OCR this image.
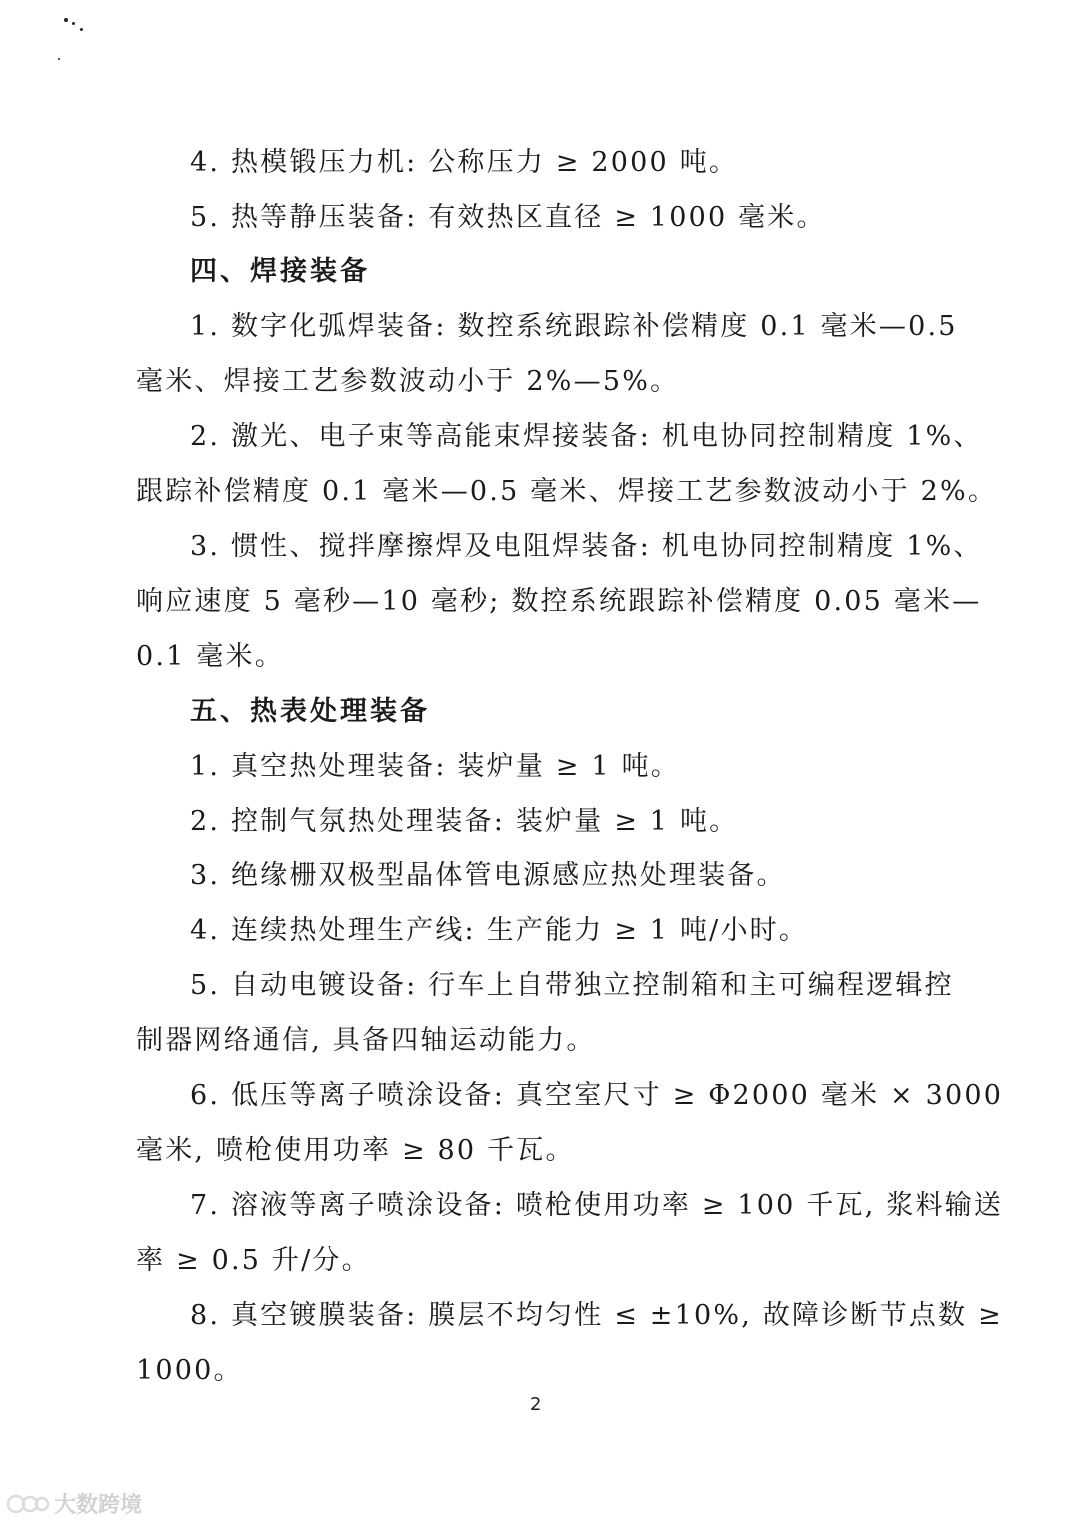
4. 热模锻压力机: 公称压力 ≥ 2000 吨。
5. 热等静压装备: 有效热区直径 ≥ 1000 毫米。
四、焊接装备
1. 数字化弧焊装备: 数控系统跟踪补偿精度 0.1 毫米—0.5
毫米、焊接工艺参数波动小于 2%—5%。
2. 激光、电子束等高能束焊接装备: 机电协同控制精度 1%、
跟踪补偿精度 0.1 毫米—0.5 毫米、焊接工艺参数波动小于 2%。
3. 惯性、搅拌摩擦焊及电阻焊装备: 机电协同控制精度 1%、
响应速度 5 毫秒—10 毫秒; 数控系统跟踪补偿精度 0.05 毫米—
0.1 毫米。
五、热表处理装备
1. 真空热处理装备: 装炉量 ≥ 1 吨。
2. 控制气氛热处理装备: 装炉量 ≥ 1 吨。
3. 绝缘栅双极型晶体管电源感应热处理装备。
4. 连续热处理生产线: 生产能力 ≥ 1 吨/小时。
5. 自动电镀设备: 行车上自带独立控制箱和主可编程逻辑控
制器网络通信, 具备四轴运动能力。
6. 低压等离子喷涂设备: 真空室尺寸 ≥ Φ2000 毫米 × 3000
毫米, 喷枪使用功率 ≥ 80 千瓦。
7. 溶液等离子喷涂设备: 喷枪使用功率 ≥ 100 千瓦, 浆料输送
率 ≥ 0.5 升/分。
8. 真空镀膜装备: 膜层不均匀性 ≤ ±10%, 故障诊断节点数 ≥
1000。
2
大数跨境
